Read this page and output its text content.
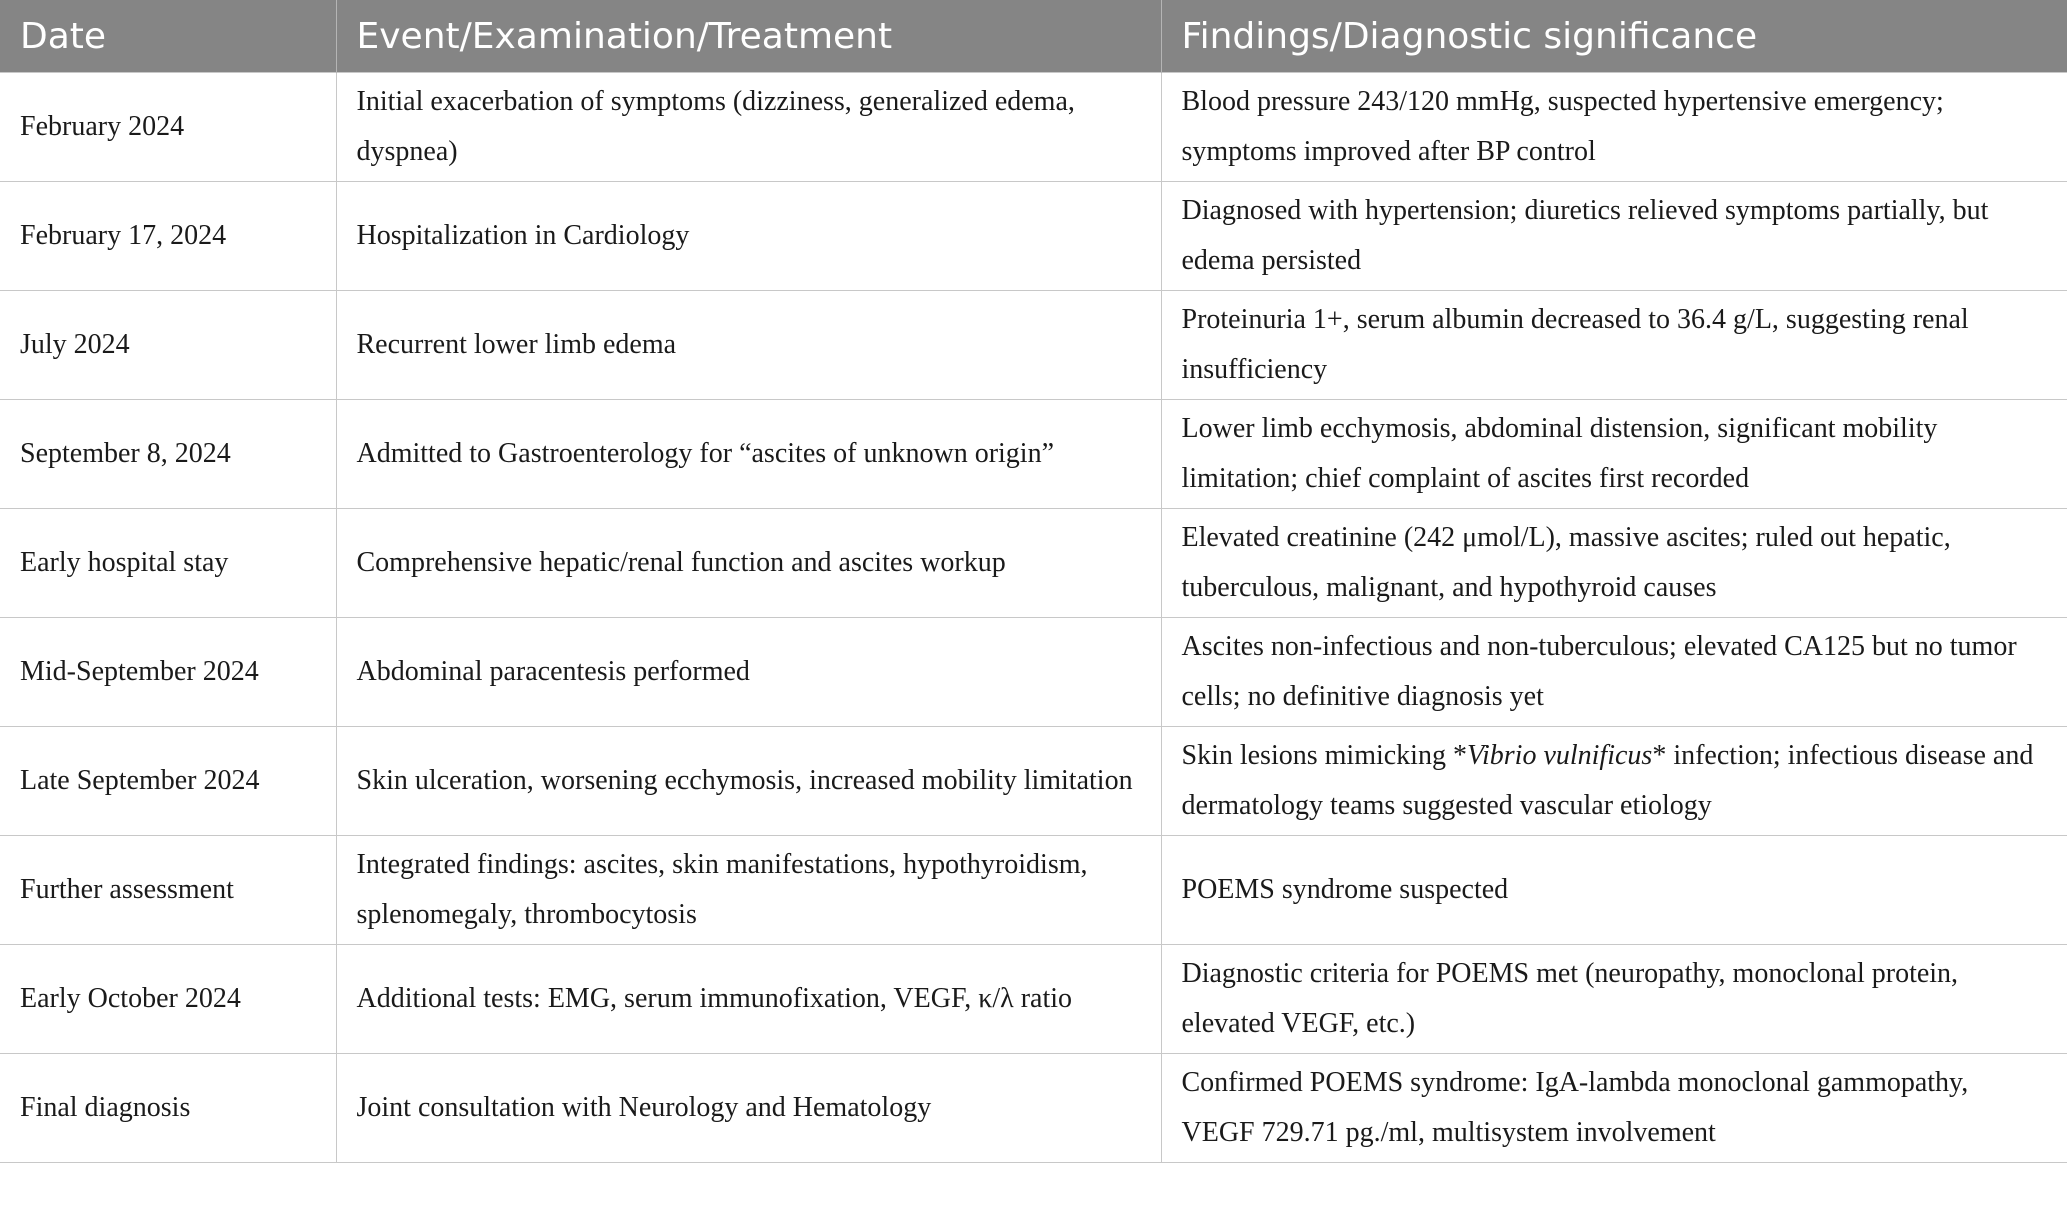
Date	Event/Examination/Treatment	Findings/Diagnostic significance
February 2024	Initial exacerbation of symptoms (dizziness, generalized edema, dyspnea)	Blood pressure 243/120 mmHg, suspected hypertensive emergency; symptoms improved after BP control
February 17, 2024	Hospitalization in Cardiology	Diagnosed with hypertension; diuretics relieved symptoms partially, but edema persisted
July 2024	Recurrent lower limb edema	Proteinuria 1+, serum albumin decreased to 36.4 g/L, suggesting renal insufficiency
September 8, 2024	Admitted to Gastroenterology for “ascites of unknown origin”	Lower limb ecchymosis, abdominal distension, significant mobility limitation; chief complaint of ascites first recorded
Early hospital stay	Comprehensive hepatic/renal function and ascites workup	Elevated creatinine (242 μmol/L), massive ascites; ruled out hepatic, tuberculous, malignant, and hypothyroid causes
Mid-September 2024	Abdominal paracentesis performed	Ascites non-infectious and non-tuberculous; elevated CA125 but no tumor cells; no definitive diagnosis yet
Late September 2024	Skin ulceration, worsening ecchymosis, increased mobility limitation	Skin lesions mimicking *Vibrio vulnificus* infection; infectious disease and dermatology teams suggested vascular etiology
Further assessment	Integrated findings: ascites, skin manifestations, hypothyroidism, splenomegaly, thrombocytosis	POEMS syndrome suspected
Early October 2024	Additional tests: EMG, serum immunofixation, VEGF, κ/λ ratio	Diagnostic criteria for POEMS met (neuropathy, monoclonal protein, elevated VEGF, etc.)
Final diagnosis	Joint consultation with Neurology and Hematology	Confirmed POEMS syndrome: IgA-lambda monoclonal gammopathy, VEGF 729.71 pg./ml, multisystem involvement
